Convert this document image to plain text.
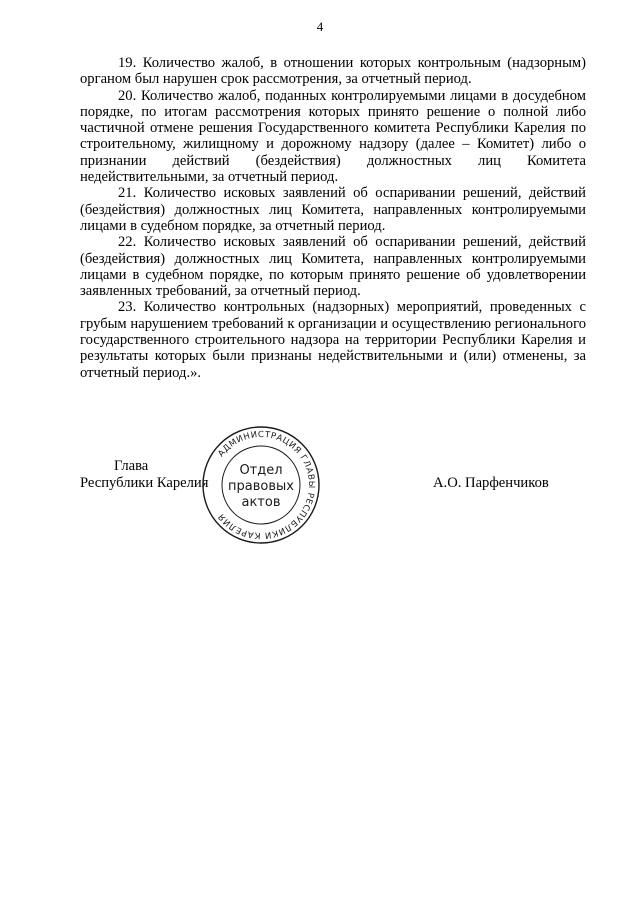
4

19. Количество жалоб, в отношении которых контрольным (надзорным) органом был нарушен срок рассмотрения, за отчетный период.

20. Количество жалоб, поданных контролируемыми лицами в досудебном порядке, по итогам рассмотрения которых принято решение о полной либо частичной отмене решения Государственного комитета Республики Карелия по строительному, жилищному и дорожному надзору (далее – Комитет) либо о признании действий (бездействия) должностных лиц Комитета недействительными, за отчетный период.

21. Количество исковых заявлений об оспаривании решений, действий (бездействия) должностных лиц Комитета, направленных контролируемыми лицами в судебном порядке, за отчетный период.

22. Количество исковых заявлений об оспаривании решений, действий (бездействия) должностных лиц Комитета, направленных контролируемыми лицами в судебном порядке, по которым принято решение об удовлетворении заявленных требований, за отчетный период.

23. Количество контрольных (надзорных) мероприятий, проведенных с грубым нарушением требований к организации и осуществлению регионального государственного строительного надзора на территории Республики Карелия и результаты которых были признаны недействительными и (или) отменены, за отчетный период.».

Глава
Республики Карелия	А.О. Парфенчиков
АДМИНИСТРАЦИЯ ГЛАВЫ РЕСПУБЛИКИ КАРЕЛИЯ
Отдел
правовых
актов
